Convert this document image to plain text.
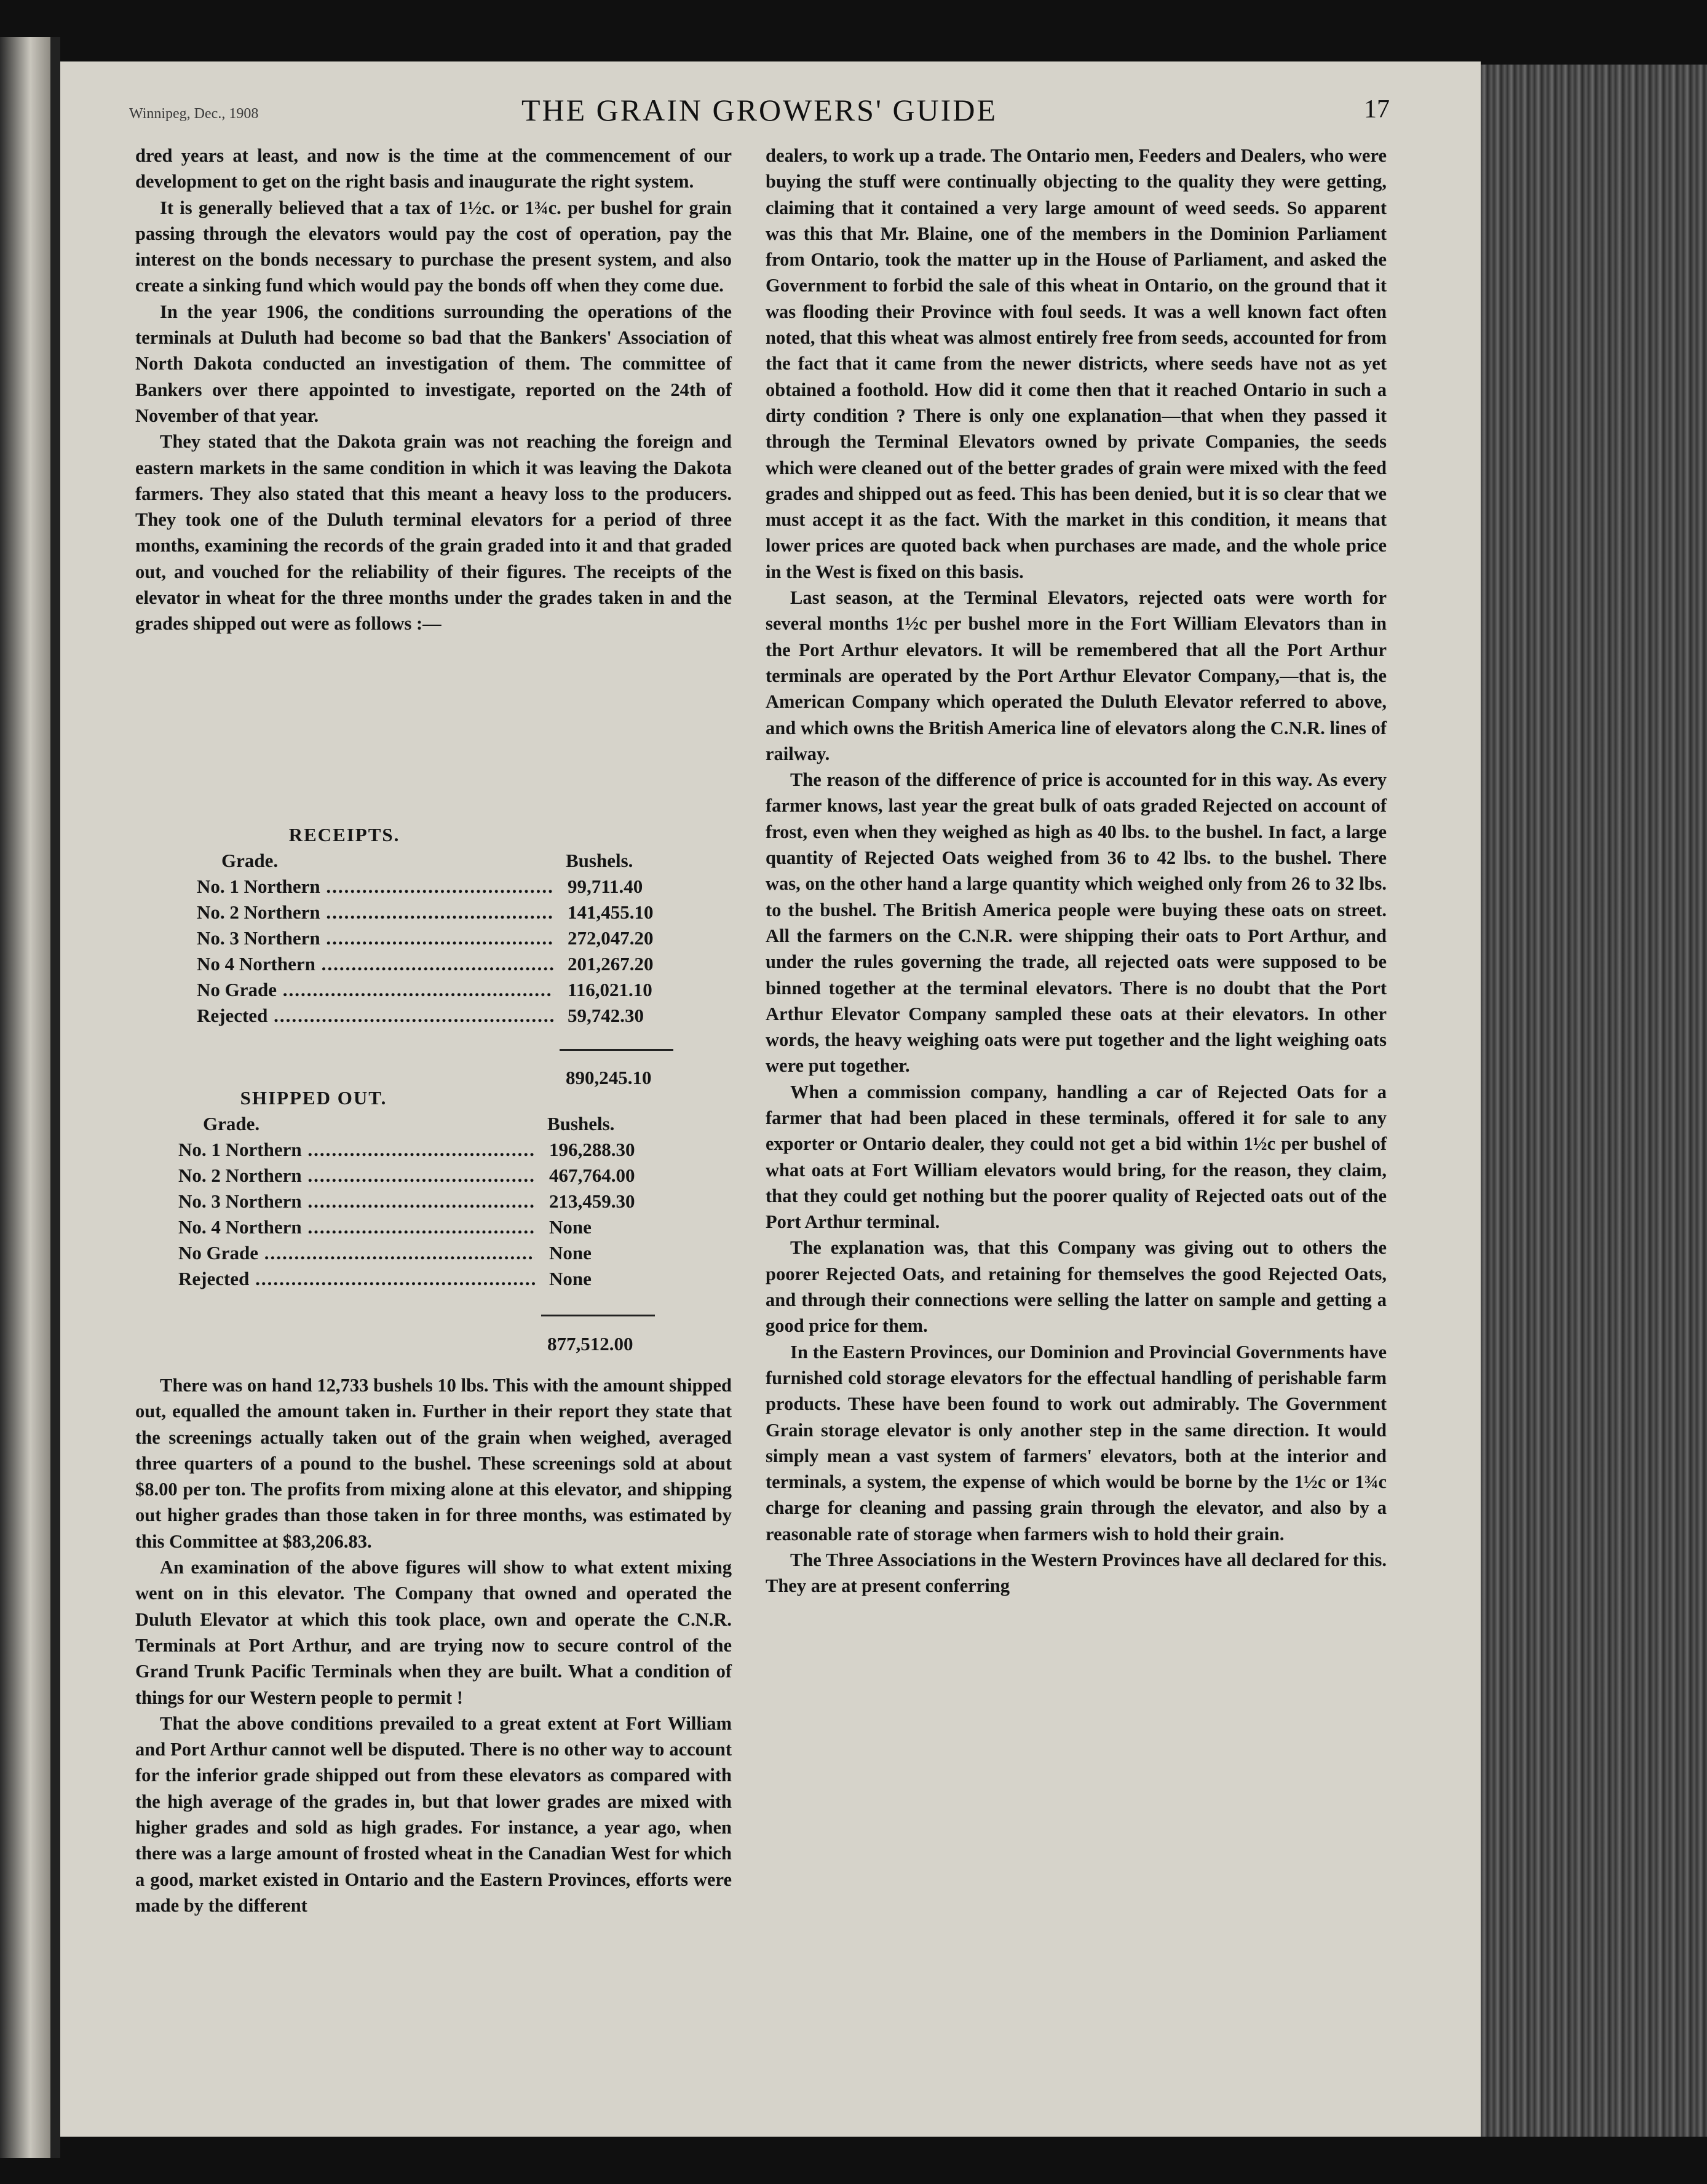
Winnipeg, Dec., 1908	THE GRAIN GROWERS' GUIDE	17

dred years at least, and now is the time at the commencement of our development to get on the right basis and inaugurate the right system.

It is generally believed that a tax of 1½c. or 1¾c. per bushel for grain passing through the elevators would pay the cost of operation, pay the interest on the bonds necessary to purchase the present system, and also create a sinking fund which would pay the bonds off when they come due.

In the year 1906, the conditions surrounding the operations of the terminals at Duluth had become so bad that the Bankers' Association of North Dakota conducted an investigation of them. The committee of Bankers over there appointed to investigate, reported on the 24th of November of that year.

They stated that the Dakota grain was not reaching the foreign and eastern markets in the same condition in which it was leaving the Dakota farmers. They also stated that this meant a heavy loss to the producers. They took one of the Duluth terminal elevators for a period of three months, examining the records of the grain graded into it and that graded out, and vouched for the reliability of their figures. The receipts of the elevator in wheat for the three months under the grades taken in and the grades shipped out were as follows :—

RECEIPTS.
Grade.	Bushels.
No. 1 Northern .....	99,711.40
No. 2 Northern .....	141,455.10
No. 3 Northern .....	272,047.20
No 4 Northern .....	201,267.20
No Grade .....	116,021.10
Rejected .....	59,742.30
890,245.10
SHIPPED OUT.
Grade.	Bushels.
No. 1 Northern .....	196,288.30
No. 2 Northern .....	467,764.00
No. 3 Northern .....	213,459.30
No. 4 Northern .....	None
No Grade .....	None
Rejected .....	None
877,512.00

There was on hand 12,733 bushels 10 lbs. This with the amount shipped out, equalled the amount taken in. Further in their report they state that the screenings actually taken out of the grain when weighed, averaged three quarters of a pound to the bushel. These screenings sold at about $8.00 per ton. The profits from mixing alone at this elevator, and shipping out higher grades than those taken in for three months, was estimated by this Committee at $83,206.83.

An examination of the above figures will show to what extent mixing went on in this elevator. The Company that owned and operated the Duluth Elevator at which this took place, own and operate the C.N.R. Terminals at Port Arthur, and are trying now to secure control of the Grand Trunk Pacific Terminals when they are built. What a condition of things for our Western people to permit !

That the above conditions prevailed to a great extent at Fort William and Port Arthur cannot well be disputed. There is no other way to account for the inferior grade shipped out from these elevators as compared with the high average of the grades in, but that lower grades are mixed with higher grades and sold as high grades. For instance, a year ago, when there was a large amount of frosted wheat in the Canadian West for which a good, market existed in Ontario and the Eastern Provinces, efforts were made by the different

dealers, to work up a trade. The Ontario men, Feeders and Dealers, who were buying the stuff were continually objecting to the quality they were getting, claiming that it contained a very large amount of weed seeds. So apparent was this that Mr. Blaine, one of the members in the Dominion Parliament from Ontario, took the matter up in the House of Parliament, and asked the Government to forbid the sale of this wheat in Ontario, on the ground that it was flooding their Province with foul seeds. It was a well known fact often noted, that this wheat was almost entirely free from seeds, accounted for from the fact that it came from the newer districts, where seeds have not as yet obtained a foothold. How did it come then that it reached Ontario in such a dirty condition ? There is only one explanation—that when they passed it through the Terminal Elevators owned by private Companies, the seeds which were cleaned out of the better grades of grain were mixed with the feed grades and shipped out as feed. This has been denied, but it is so clear that we must accept it as the fact. With the market in this condition, it means that lower prices are quoted back when purchases are made, and the whole price in the West is fixed on this basis.

Last season, at the Terminal Elevators, rejected oats were worth for several months 1½c per bushel more in the Fort William Elevators than in the Port Arthur elevators. It will be remembered that all the Port Arthur terminals are operated by the Port Arthur Elevator Company,—that is, the American Company which operated the Duluth Elevator referred to above, and which owns the British America line of elevators along the C.N.R. lines of railway.

The reason of the difference of price is accounted for in this way. As every farmer knows, last year the great bulk of oats graded Rejected on account of frost, even when they weighed as high as 40 lbs. to the bushel. In fact, a large quantity of Rejected Oats weighed from 36 to 42 lbs. to the bushel. There was, on the other hand a large quantity which weighed only from 26 to 32 lbs. to the bushel. The British America people were buying these oats on street. All the farmers on the C.N.R. were shipping their oats to Port Arthur, and under the rules governing the trade, all rejected oats were supposed to be binned together at the terminal elevators. There is no doubt that the Port Arthur Elevator Company sampled these oats at their elevators. In other words, the heavy weighing oats were put together and the light weighing oats were put together.

When a commission company, handling a car of Rejected Oats for a farmer that had been placed in these terminals, offered it for sale to any exporter or Ontario dealer, they could not get a bid within 1½c per bushel of what oats at Fort William elevators would bring, for the reason, they claim, that they could get nothing but the poorer quality of Rejected oats out of the Port Arthur terminal.

The explanation was, that this Company was giving out to others the poorer Rejected Oats, and retaining for themselves the good Rejected Oats, and through their connections were selling the latter on sample and getting a good price for them.

In the Eastern Provinces, our Dominion and Provincial Governments have furnished cold storage elevators for the effectual handling of perishable farm products. These have been found to work out admirably. The Government Grain storage elevator is only another step in the same direction. It would simply mean a vast system of farmers' elevators, both at the interior and terminals, a system, the expense of which would be borne by the 1½c or 1¾c charge for cleaning and passing grain through the elevator, and also by a reasonable rate of storage when farmers wish to hold their grain.

The Three Associations in the Western Provinces have all declared for this. They are at present conferring
